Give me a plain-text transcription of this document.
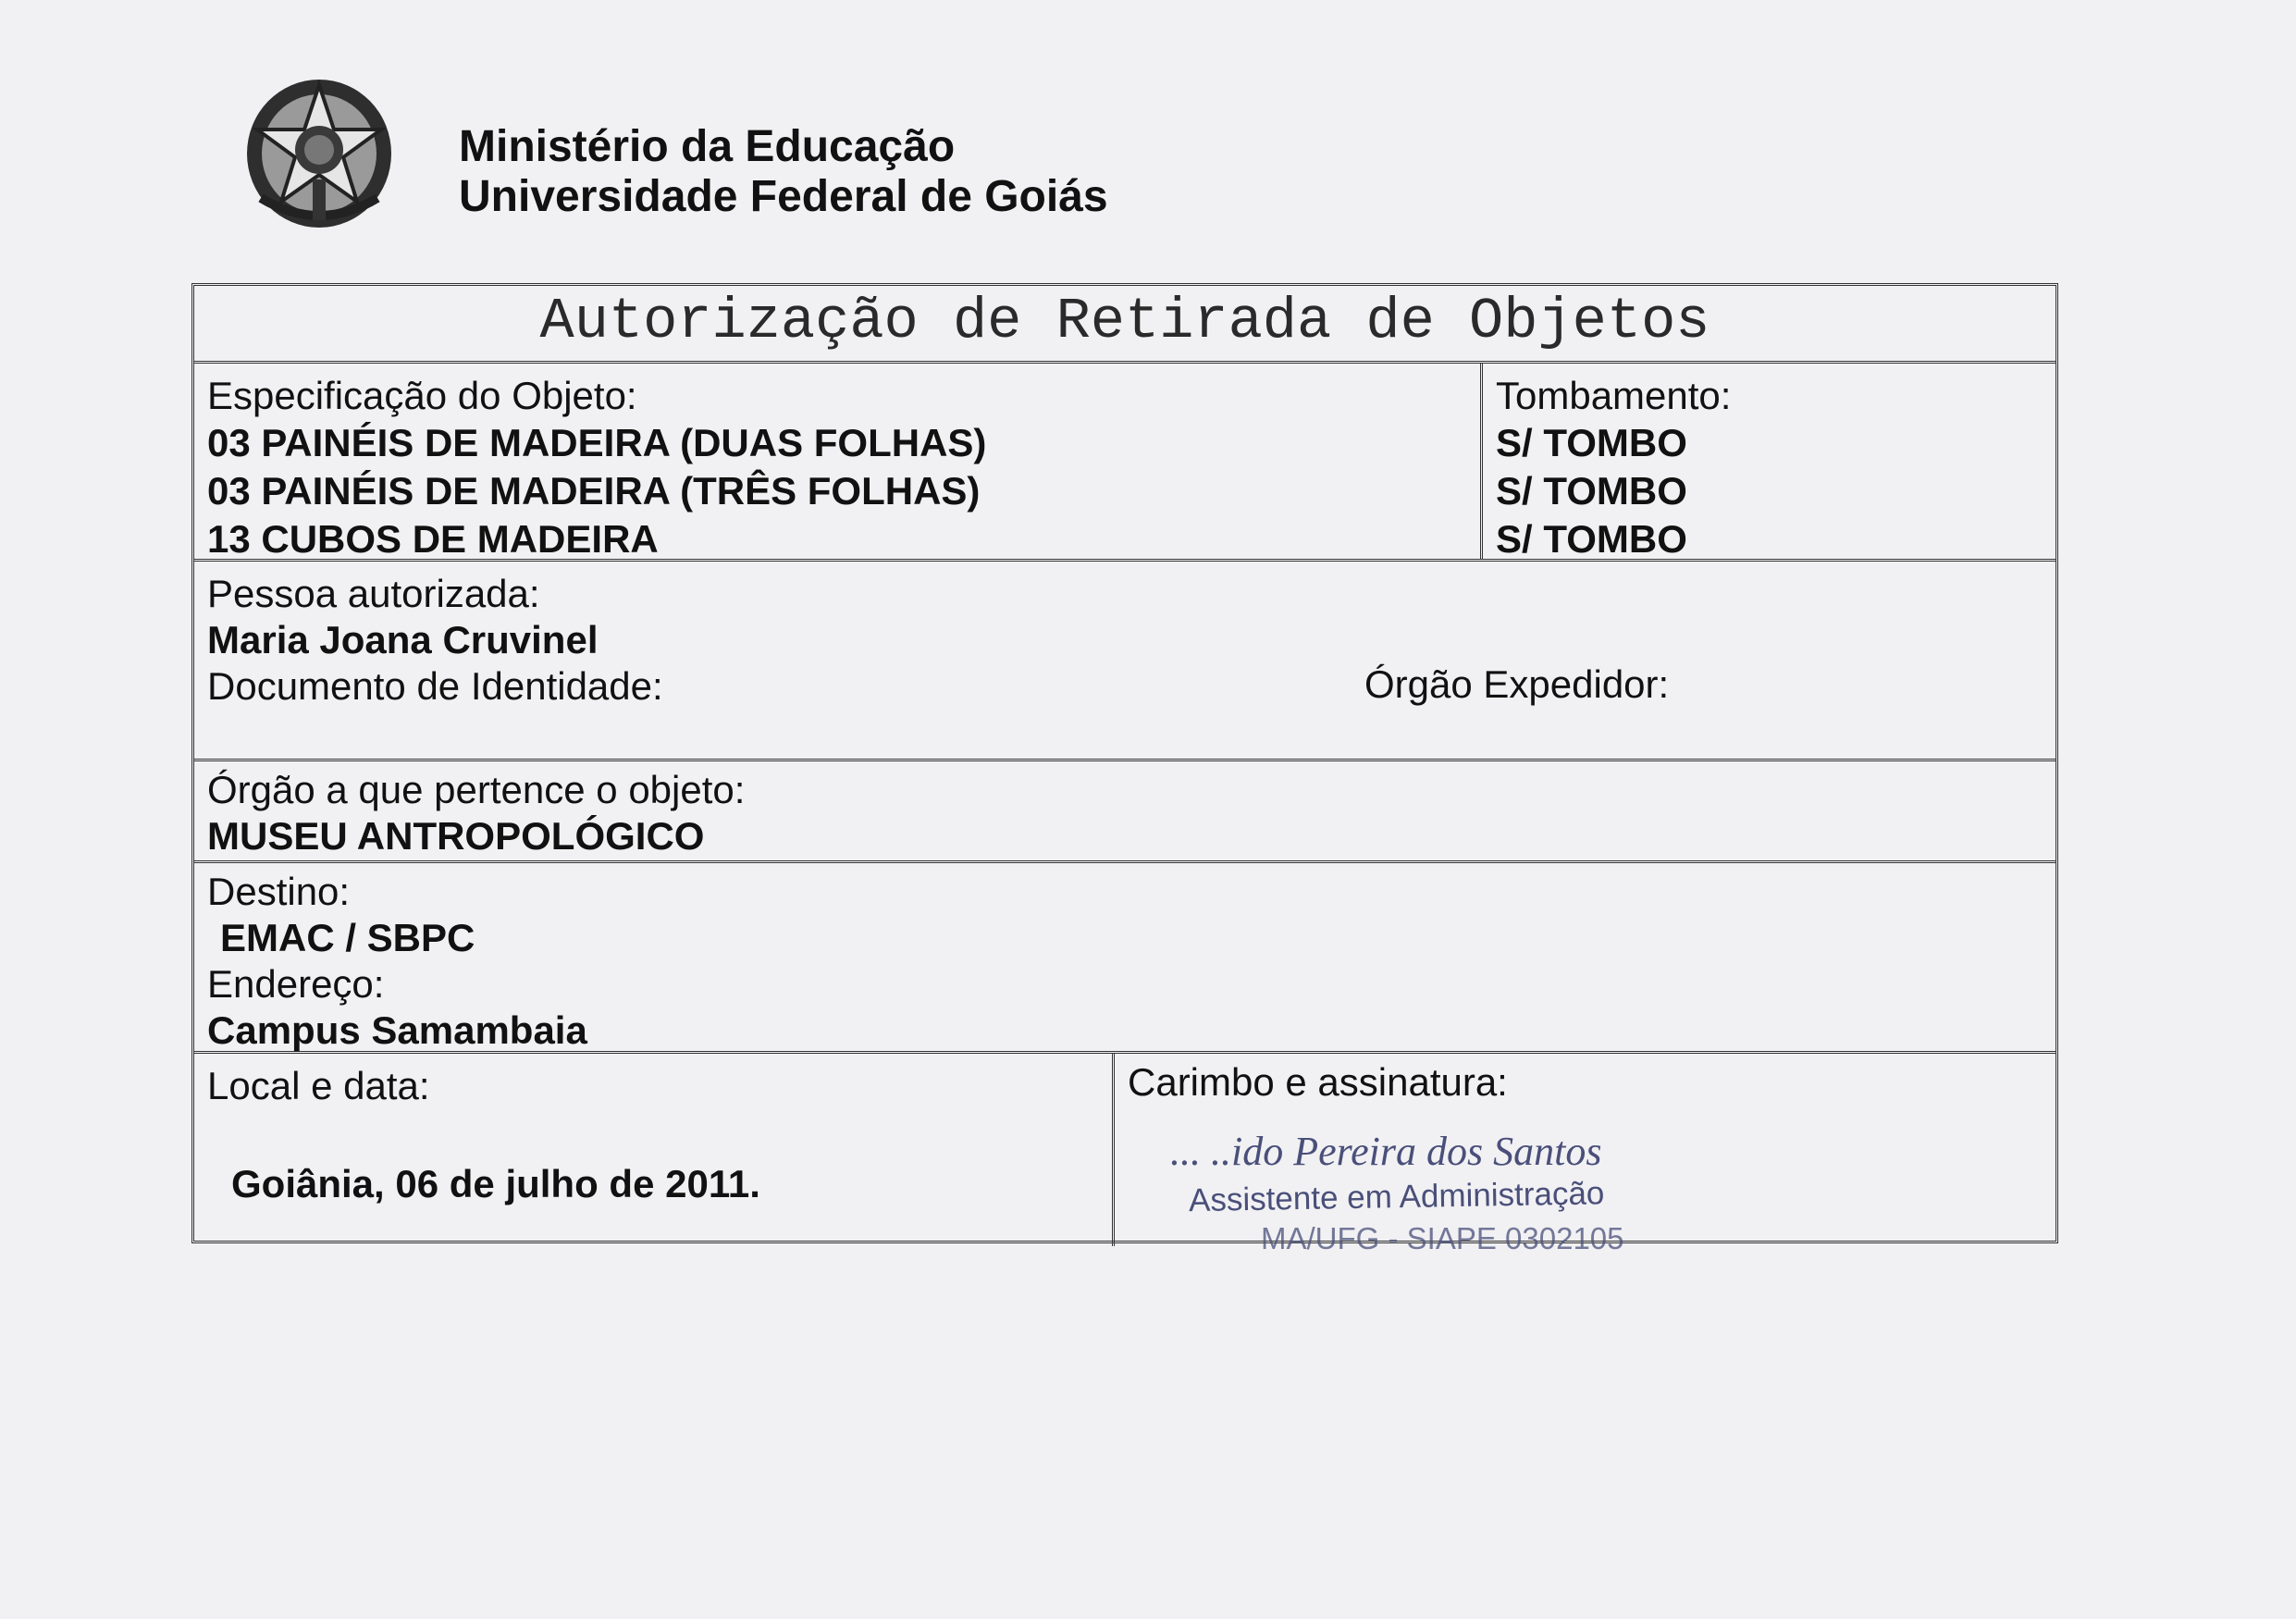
Ministério da Educação
Universidade Federal de Goiás
Autorização de Retirada de Objetos
Especificação do Objeto:
03 PAINÉIS DE MADEIRA (DUAS FOLHAS)
03 PAINÉIS DE MADEIRA (TRÊS FOLHAS)
13 CUBOS DE MADEIRA
Tombamento:
S/ TOMBO
S/ TOMBO
S/ TOMBO
Pessoa autorizada:
Maria Joana Cruvinel
Documento de Identidade:	Órgão Expedidor:
Órgão a que pertence o objeto:
MUSEU ANTROPOLÓGICO
Destino:
EMAC / SBPC
Endereço:
Campus Samambaia
Local e data:
Goiânia, 06 de julho de 2011.
Carimbo e assinatura:
... ..ido Pereira dos Santos
Assistente em Administração
MA/UFG - SIAPE 0302105
